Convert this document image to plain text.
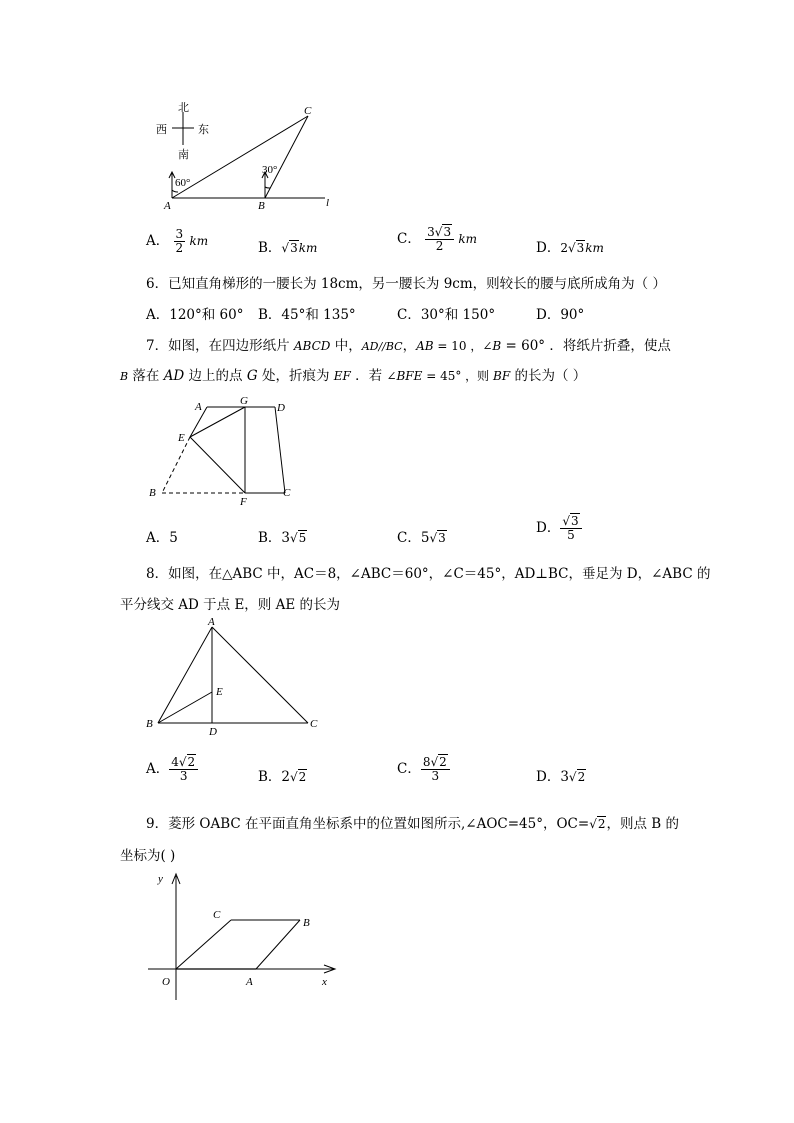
北
西	东
南
60°
30°
A	B
C
l
A． $\frac{3}{2}$ km	B．√3km
C． $\frac{3√3}{2}$ km
D．2√3km
6．已知直角梯形的一腰长为 18cm，另一腰长为 9cm，则较长的腰与底所成角为（ ）
A．120°和 60° B．45°和 135°	C．30°和 150°	D．90°
7．如图，在四边形纸片 ABCD 中，AD//BC，AB = 10 ，∠B = 60° ．将纸片折叠，使点
B 落在 AD 边上的点 G 处，折痕为 EF ．若 ∠BFE = 45° ，则 BF 的长为（ ）
A	G
D
E
B
F
C
A．5	B．3√5	C．5√3
D． $\frac{√3}{5}$
8．如图，在△ABC 中，AC＝8，∠ABC＝60°，∠C＝45°，AD⊥BC，垂足为 D，∠ABC 的
平分线交 AD 于点 E，则 AE 的长为
A
E
B
D
C
A． $\frac{4√2}{3}$	B．2√2	C． $\frac{8√2}{3}$	D．3√2
9．菱形 OABC 在平面直角坐标系中的位置如图所示,∠AOC=45°，OC=√2，则点 B 的
坐标为( )
y
x
O	A
B
C
